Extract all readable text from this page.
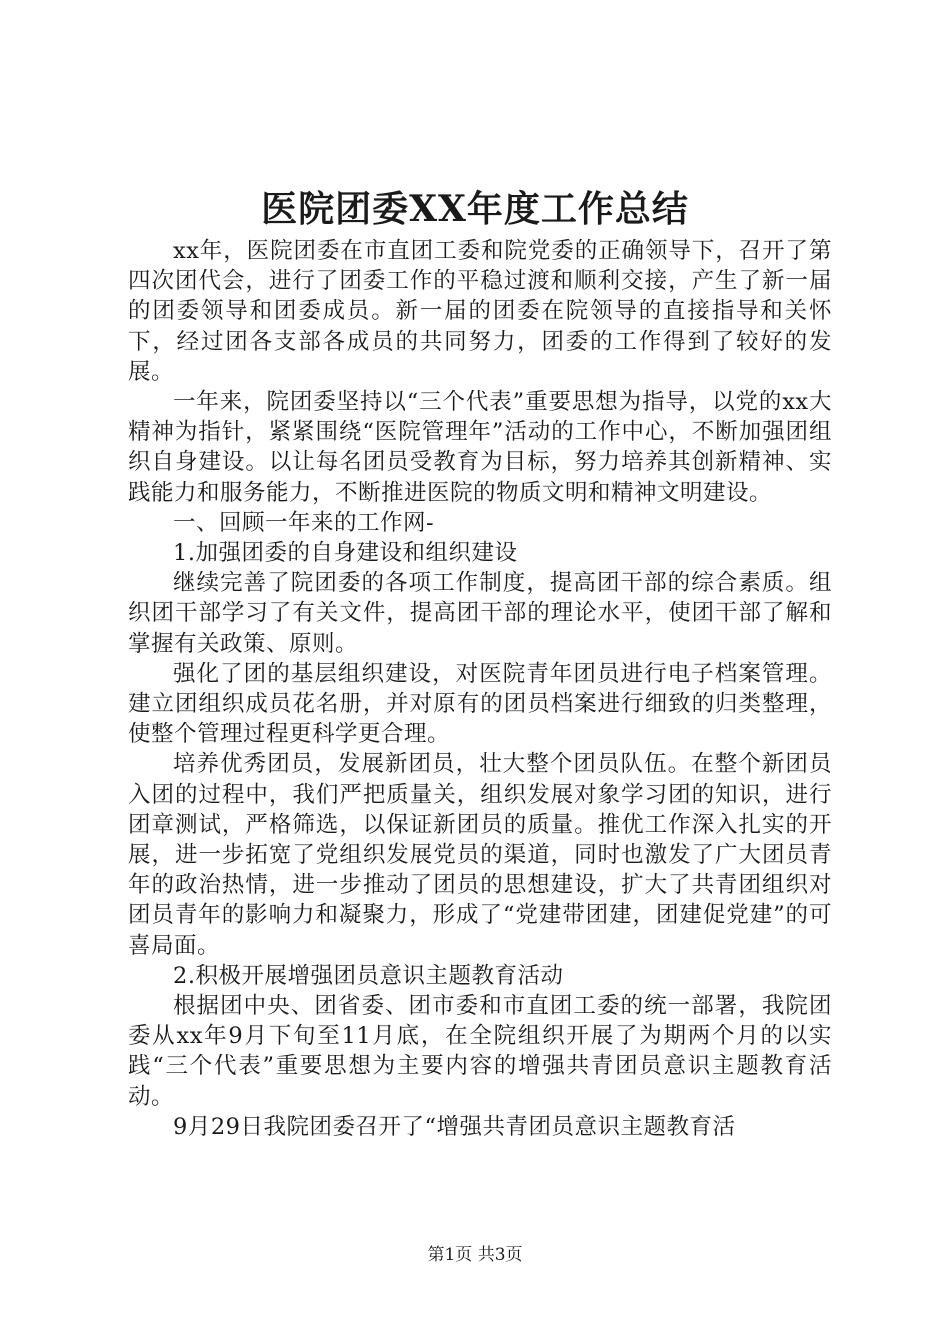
医院团委XX年度工作总结

xx年，医院团委在市直团工委和院党委的正确领导下，召开了第四次团代会，进行了团委工作的平稳过渡和顺利交接，产生了新一届的团委领导和团委成员。新一届的团委在院领导的直接指导和关怀下，经过团各支部各成员的共同努力，团委的工作得到了较好的发展。

一年来，院团委坚持以“三个代表”重要思想为指导，以党的xx大精神为指针，紧紧围绕“医院管理年”活动的工作中心，不断加强团组织自身建设。以让每名团员受教育为目标，努力培养其创新精神、实践能力和服务能力，不断推进医院的物质文明和精神文明建设。

一、回顾一年来的工作网-

1.加强团委的自身建设和组织建设

继续完善了院团委的各项工作制度，提高团干部的综合素质。组织团干部学习了有关文件，提高团干部的理论水平，使团干部了解和掌握有关政策、原则。

强化了团的基层组织建设，对医院青年团员进行电子档案管理。建立团组织成员花名册，并对原有的团员档案进行细致的归类整理，使整个管理过程更科学更合理。

培养优秀团员，发展新团员，壮大整个团员队伍。在整个新团员入团的过程中，我们严把质量关，组织发展对象学习团的知识，进行团章测试，严格筛选，以保证新团员的质量。推优工作深入扎实的开展，进一步拓宽了党组织发展党员的渠道，同时也激发了广大团员青年的政治热情，进一步推动了团员的思想建设，扩大了共青团组织对团员青年的影响力和凝聚力，形成了“党建带团建，团建促党建”的可喜局面。

2.积极开展增强团员意识主题教育活动

根据团中央、团省委、团市委和市直团工委的统一部署，我院团委从xx年9月下旬至11月底，在全院组织开展了为期两个月的以实践“三个代表”重要思想为主要内容的增强共青团员意识主题教育活动。

9月29日我院团委召开了“增强共青团员意识主题教育活

第1页 共3页
